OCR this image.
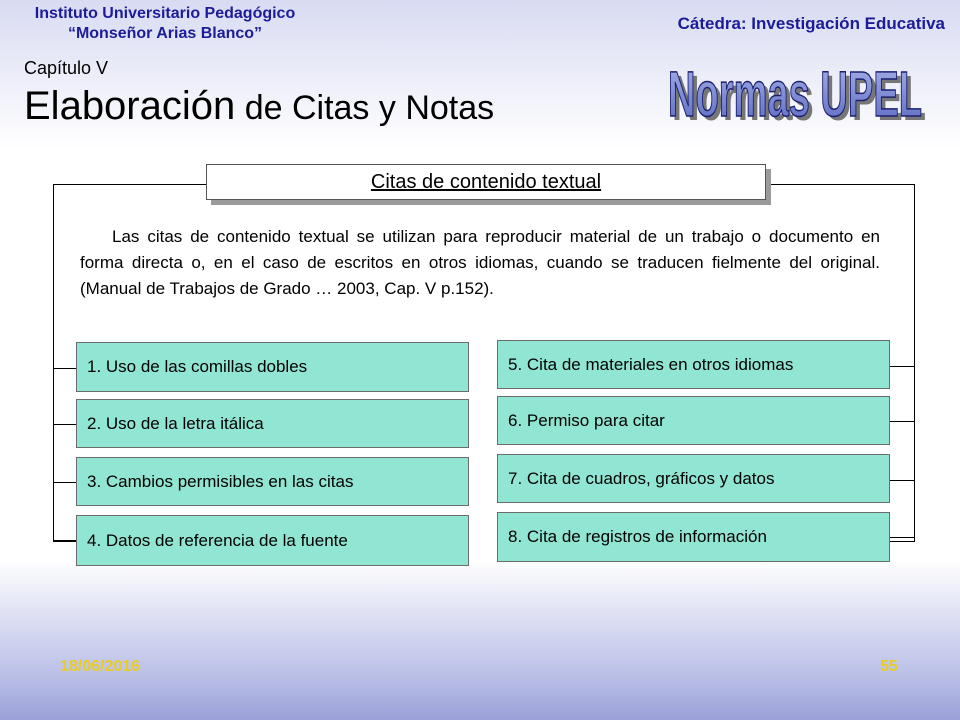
Instituto Universitario Pedagógico
“Monseñor Arias Blanco”
Cátedra: Investigación Educativa
Capítulo V
Elaboración de Citas y Notas	Normas UPEL
Normas UPEL
Citas de contenido textual
Las citas de contenido textual se utilizan para reproducir material de un trabajo o documento en forma directa o, en el caso de escritos en otros idiomas, cuando se traducen fielmente del original. (Manual de Trabajos de Grado … 2003, Cap. V p.152).
1. Uso de las comillas dobles
2. Uso de la letra itálica
3. Cambios permisibles en las citas
4. Datos de referencia de la fuente
5. Cita de materiales en otros idiomas
6. Permiso para citar
7. Cita de cuadros, gráficos y datos
8. Cita de registros de información
18/06/2016	55
